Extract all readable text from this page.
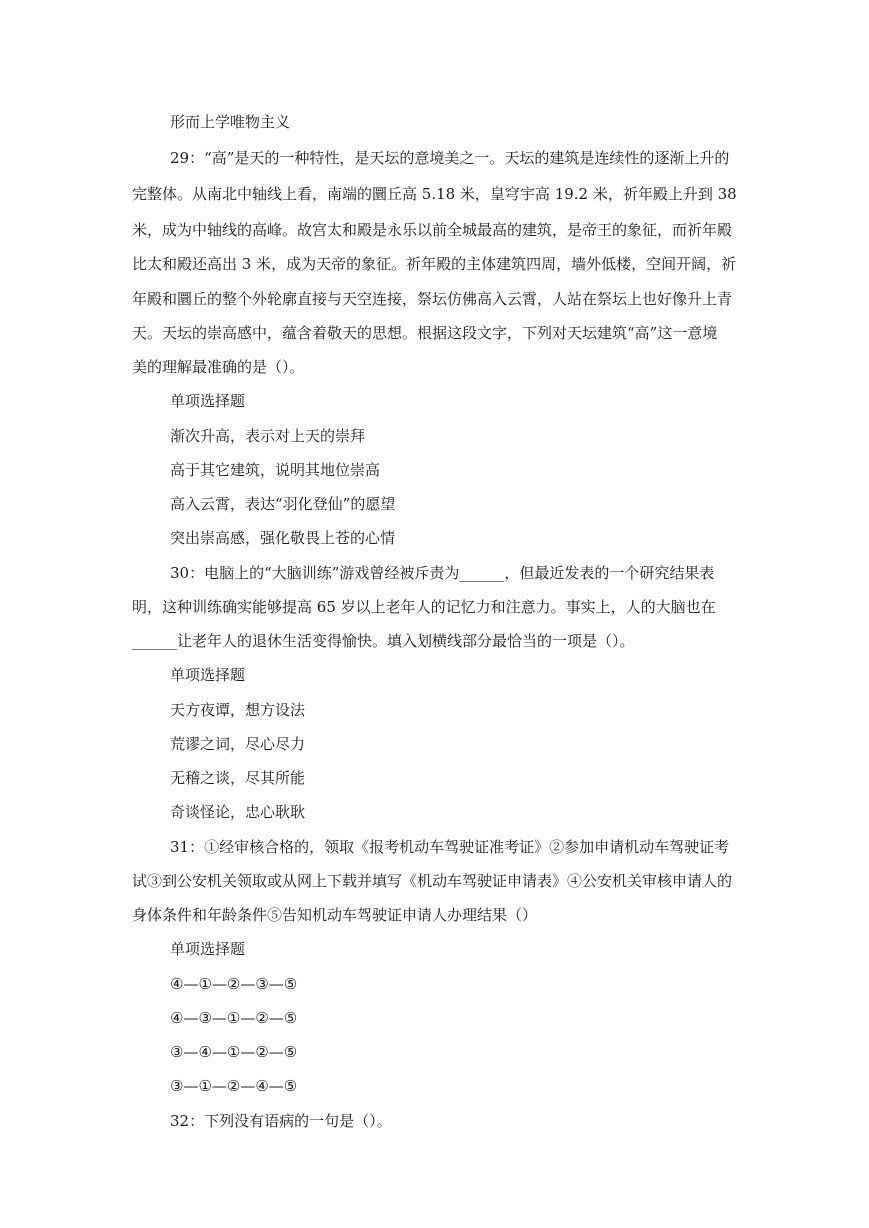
形而上学唯物主义
29：“高”是天的一种特性，是天坛的意境美之一。天坛的建筑是连续性的逐渐上升的
完整体。从南北中轴线上看，南端的圜丘高 5.18 米，皇穹宇高 19.2 米，祈年殿上升到 38
米，成为中轴线的高峰。故宫太和殿是永乐以前全城最高的建筑，是帝王的象征，而祈年殿
比太和殿还高出 3 米，成为天帝的象征。祈年殿的主体建筑四周，墙外低楼，空间开阔，祈
年殿和圜丘的整个外轮廓直接与天空连接，祭坛仿佛高入云霄，人站在祭坛上也好像升上青
天。天坛的崇高感中，蕴含着敬天的思想。根据这段文字，下列对天坛建筑“高”这一意境
美的理解最准确的是（）。
单项选择题
渐次升高，表示对上天的崇拜
高于其它建筑，说明其地位崇高
高入云霄，表达“羽化登仙”的愿望
突出崇高感，强化敬畏上苍的心情
30：电脑上的“大脑训练”游戏曾经被斥责为______，但最近发表的一个研究结果表
明，这种训练确实能够提高 65 岁以上老年人的记忆力和注意力。事实上，人的大脑也在
______让老年人的退休生活变得愉快。填入划横线部分最恰当的一项是（）。
单项选择题
天方夜谭，想方设法
荒谬之词，尽心尽力
无稽之谈，尽其所能
奇谈怪论，忠心耿耿
31：①经审核合格的，领取《报考机动车驾驶证准考证》②参加申请机动车驾驶证考
试③到公安机关领取或从网上下载并填写《机动车驾驶证申请表》④公安机关审核申请人的
身体条件和年龄条件⑤告知机动车驾驶证申请人办理结果（）
单项选择题
④—①—②—③—⑤
④—③—①—②—⑤
③—④—①—②—⑤
③—①—②—④—⑤
32：下列没有语病的一句是（）。
